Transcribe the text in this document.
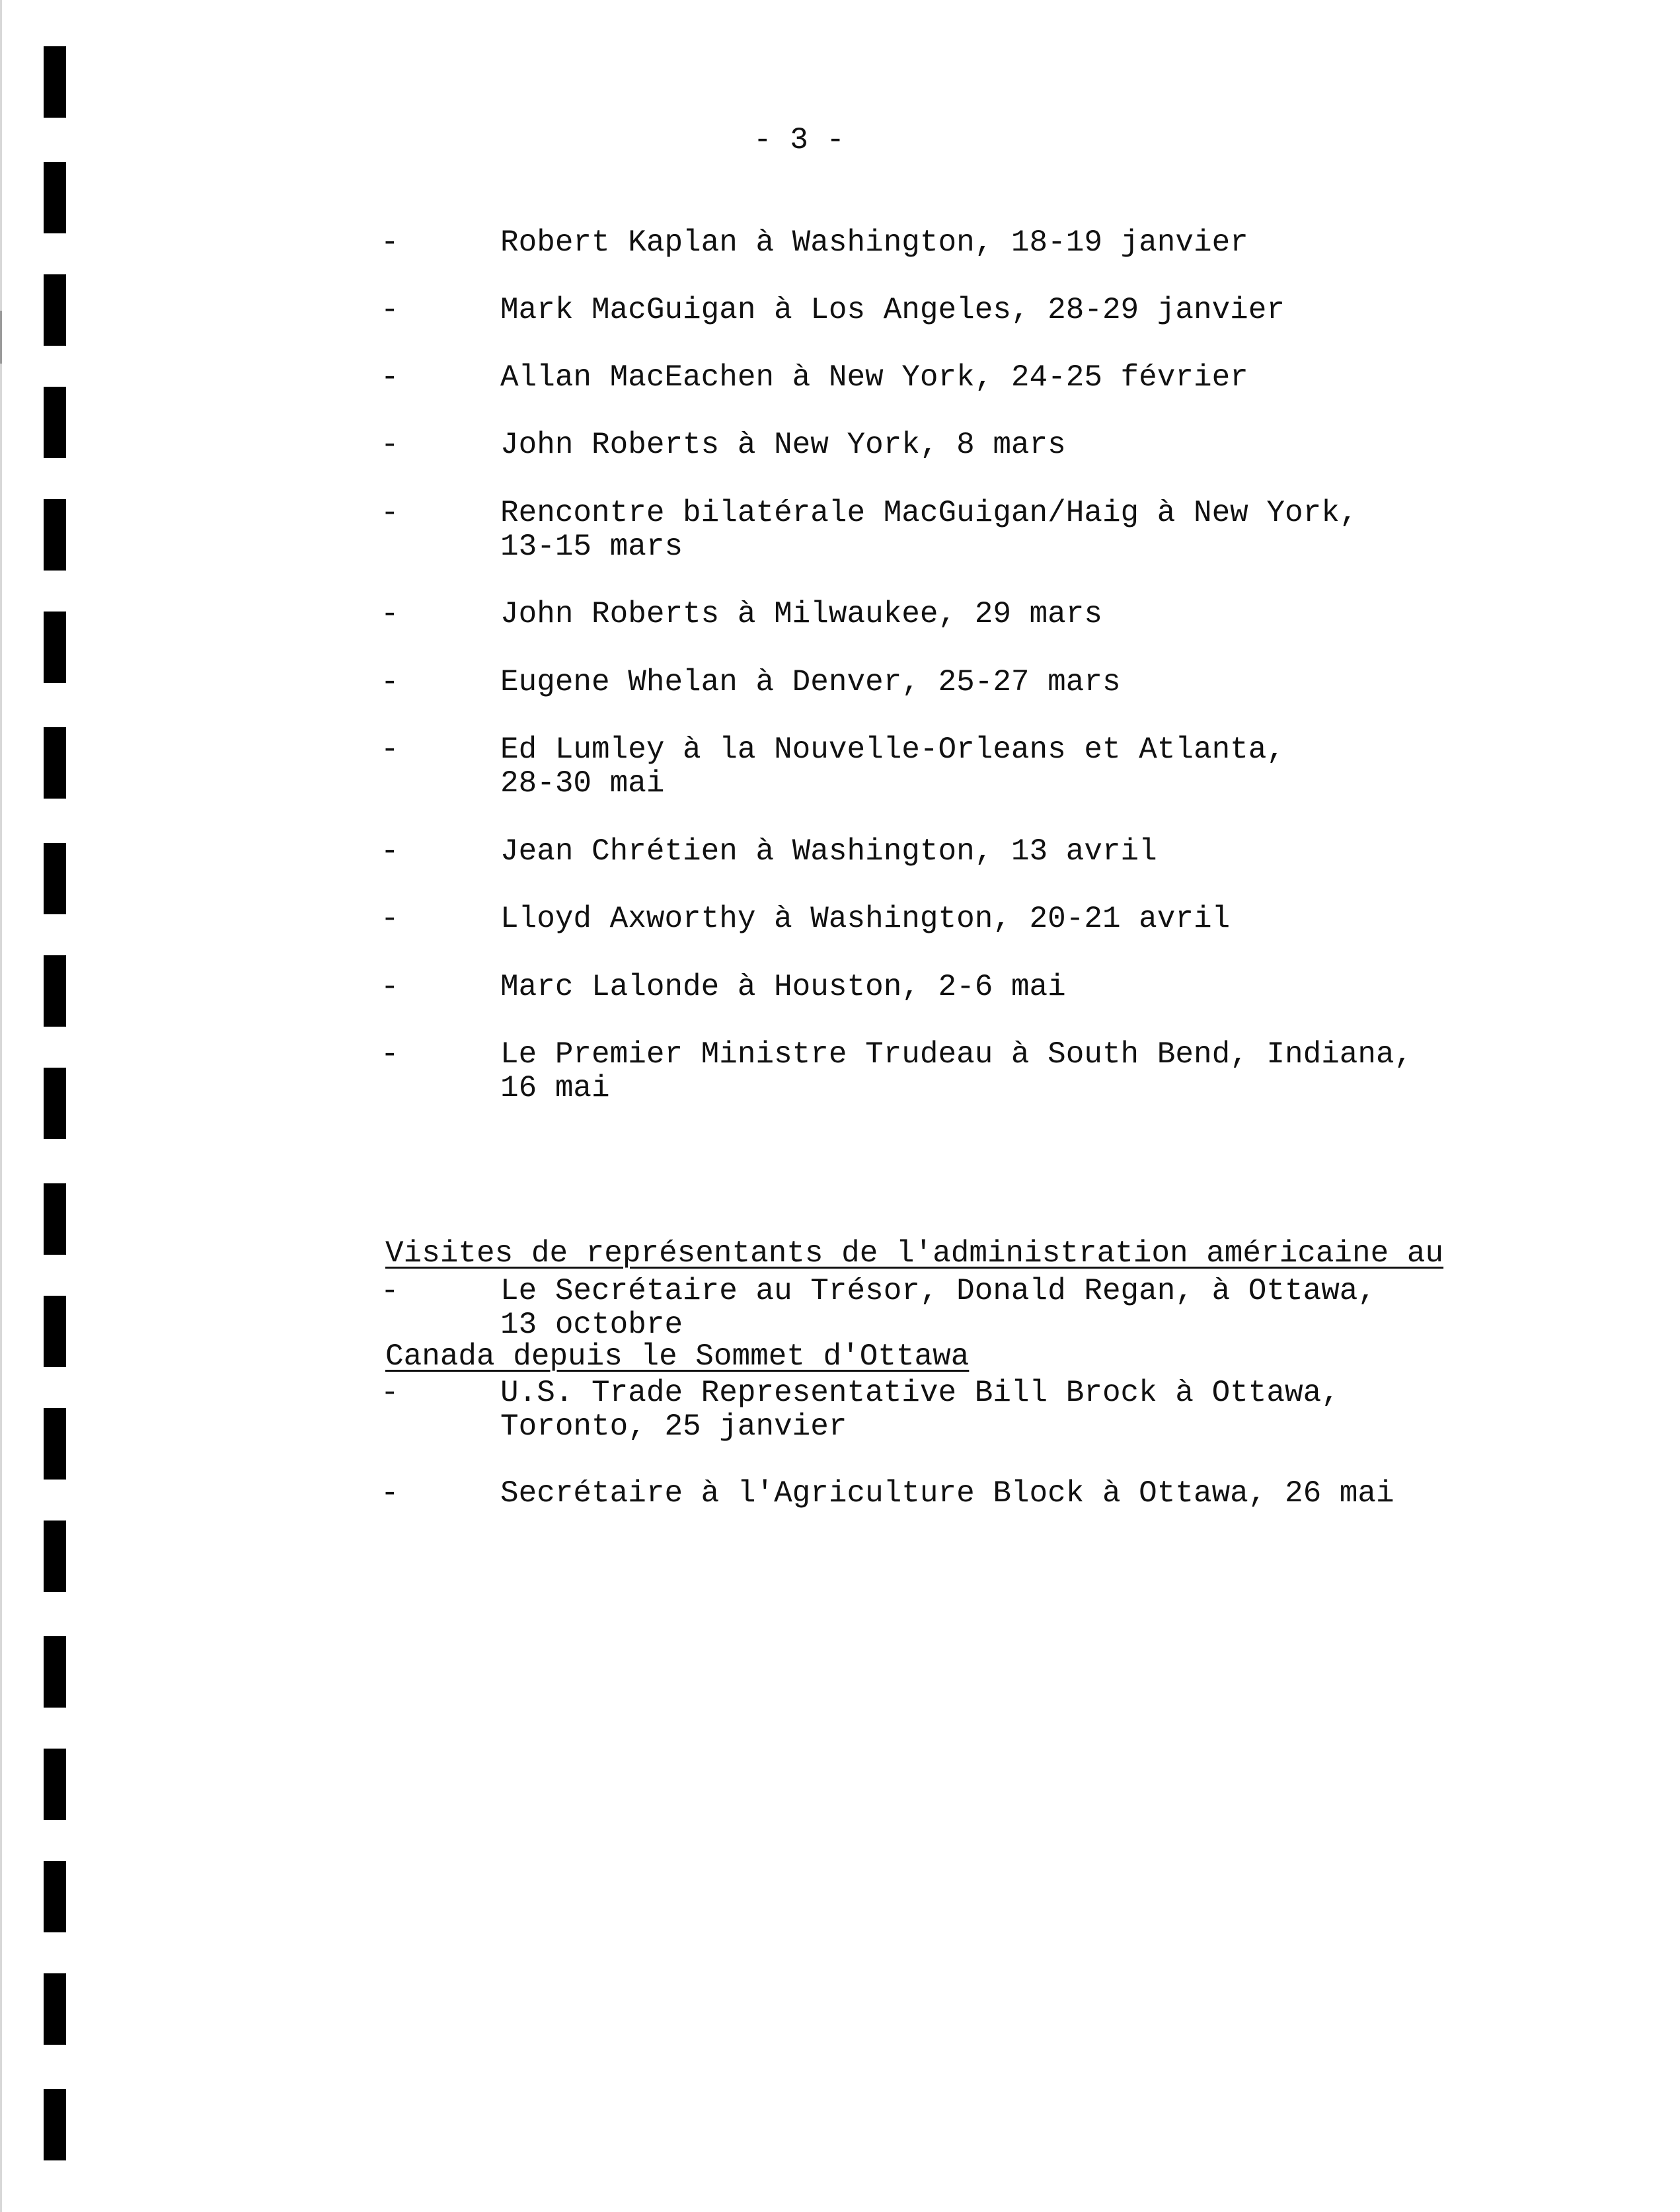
- 3 -
-	Robert Kaplan à Washington, 18-19 janvier
-	Mark MacGuigan à Los Angeles, 28-29 janvier
-	Allan MacEachen à New York, 24-25 février
-	John Roberts à New York, 8 mars
-	Rencontre bilatérale MacGuigan/Haig à New York,
13-15 mars
-	John Roberts à Milwaukee, 29 mars
-	Eugene Whelan à Denver, 25-27 mars
-	Ed Lumley à la Nouvelle-Orleans et Atlanta,
28-30 mai
-	Jean Chrétien à Washington, 13 avril
-	Lloyd Axworthy à Washington, 20-21 avril
-	Marc Lalonde à Houston, 2-6 mai
-	Le Premier Ministre Trudeau à South Bend, Indiana,
16 mai

Visites de représentants de l'administration américaine au

Canada depuis le Sommet d'Ottawa

-	Le Secrétaire au Trésor, Donald Regan, à Ottawa,
13 octobre
-	U.S. Trade Representative Bill Brock à Ottawa,
Toronto, 25 janvier
-	Secrétaire à l'Agriculture Block à Ottawa, 26 mai
